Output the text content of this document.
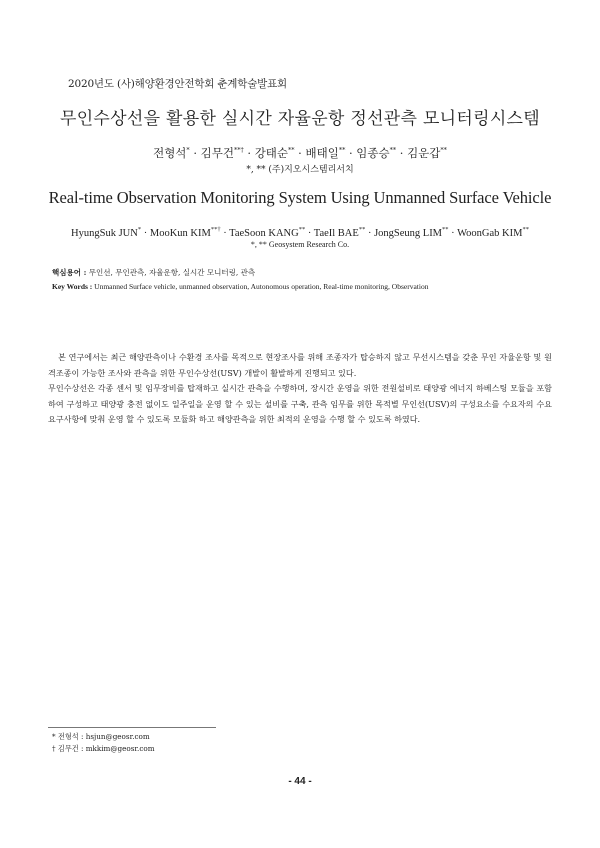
2020년도 (사)해양환경안전학회 춘계학술발표회
무인수상선을 활용한 실시간 자율운항 정선관측 모니터링시스템
전형석* · 김무건**† · 강태순** · 배태일** · 임종승** · 김운갑**
*, ** (주)지오시스템리서치
Real-time Observation Monitoring System Using Unmanned Surface Vehicle
HyungSuk JUN* · MooKun KIM**† · TaeSoon KANG** · TaeIl BAE** · JongSeung LIM** · WoonGab KIM**
*, ** Geosystem Research Co.
핵심용어 : 무인선, 무인관측, 자율운항, 실시간 모니터링, 관측
Key Words : Unmanned Surface vehicle, unmanned observation, Autonomous operation, Real-time monitoring, Observation

본 연구에서는 최근 해양관측이나 수환경 조사를 목적으로 현장조사를 위해 조종자가 탑승하지 않고 무선시스템을 갖춘 무인 자율운항 및 원격조종이 가능한 조사와 관측을 위한 무인수상선(USV) 개발이 활발하게 진행되고 있다.

무인수상선은 각종 센서 및 임무장비를 탑재하고 실시간 관측을 수행하며, 장시간 운영을 위한 전원설비로 태양광 에너지 하베스팅 모듈을 포함하여 구성하고 태양광 충전 없이도 일주일을 운영 할 수 있는 설비를 구축, 관측 임무를 위한 목적별 무인선(USV)의 구성요소를 수요자의 수요 요구사항에 맞춰 운영 할 수 있도록 모듈화 하고 해양관측을 위한 최적의 운영을 수행 할 수 있도록 하였다.

* 전형석 : hsjun@geosr.com
† 김무건 : mkkim@geosr.com
- 44 -
